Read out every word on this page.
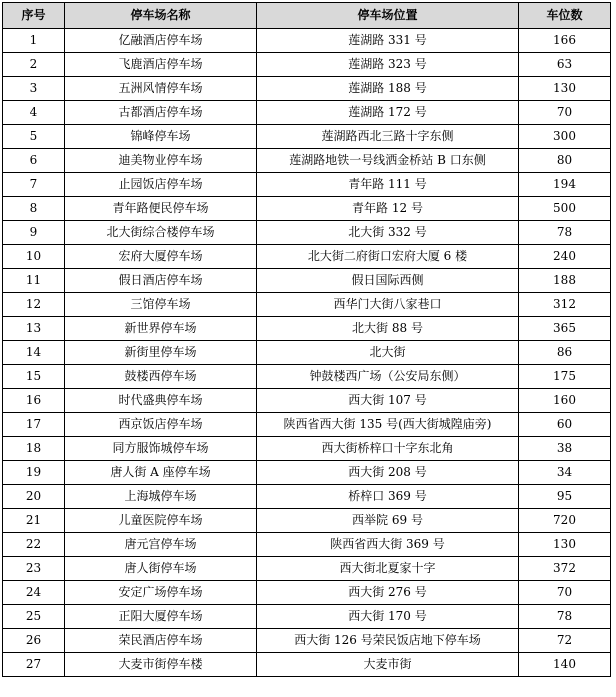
序号	停车场名称	停车场位置	车位数
1	亿融酒店停车场	莲湖路 331 号	166
2	飞鹿酒店停车场	莲湖路 323 号	63
3	五洲风情停车场	莲湖路 188 号	130
4	古都酒店停车场	莲湖路 172 号	70
5	锦峰停车场	莲湖路西北三路十字东侧	300
6	迪美物业停车场	莲湖路地铁一号线洒金桥站 B 口东侧	80
7	止园饭店停车场	青年路 111 号	194
8	青年路便民停车场	青年路 12 号	500
9	北大街综合楼停车场	北大街 332 号	78
10	宏府大厦停车场	北大街二府街口宏府大厦 6 楼	240
11	假日酒店停车场	假日国际西侧	188
12	三馆停车场	西华门大街八家巷口	312
13	新世界停车场	北大街 88 号	365
14	新街里停车场	北大街	86
15	鼓楼西停车场	钟鼓楼西广场（公安局东侧）	175
16	时代盛典停车场	西大街 107 号	160
17	西京饭店停车场	陕西省西大街 135 号(西大街城隍庙旁)	60
18	同方服饰城停车场	西大街桥梓口十字东北角	38
19	唐人街 A 座停车场	西大街 208 号	34
20	上海城停车场	桥梓口 369 号	95
21	儿童医院停车场	西举院 69 号	720
22	唐元宫停车场	陕西省西大街 369 号	130
23	唐人街停车场	西大街北夏家十字	372
24	安定广场停车场	西大街 276 号	70
25	正阳大厦停车场	西大街 170 号	78
26	荣民酒店停车场	西大街 126 号荣民饭店地下停车场	72
27	大麦市街停车楼	大麦市街	140
